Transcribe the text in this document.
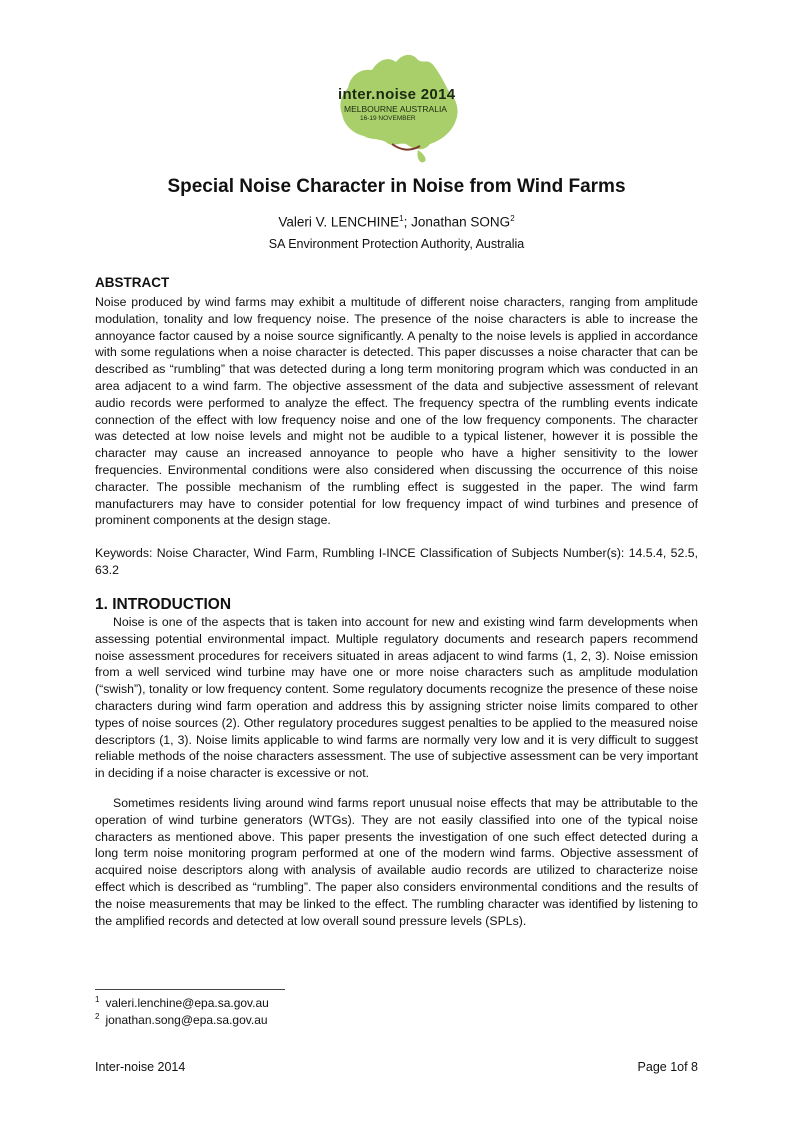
inter.noise 2014
MELBOURNE AUSTRALIA
16-19 NOVEMBER
Special Noise Character in Noise from Wind Farms
Valeri V. LENCHINE$^1$; Jonathan SONG$^2$
SA Environment Protection Authority, Australia
ABSTRACT

Noise produced by wind farms may exhibit a multitude of different noise characters, ranging from amplitude modulation, tonality and low frequency noise. The presence of the noise characters is able to increase the annoyance factor caused by a noise source significantly. A penalty to the noise levels is applied in accordance with some regulations when a noise character is detected. This paper discusses a noise character that can be described as “rumbling” that was detected during a long term monitoring program which was conducted in an area adjacent to a wind farm. The objective assessment of the data and subjective assessment of relevant audio records were performed to analyze the effect. The frequency spectra of the rumbling events indicate connection of the effect with low frequency noise and one of the low frequency components. The character was detected at low noise levels and might not be audible to a typical listener, however it is possible the character may cause an increased annoyance to people who have a higher sensitivity to the lower frequencies. Environmental conditions were also considered when discussing the occurrence of this noise character. The possible mechanism of the rumbling effect is suggested in the paper. The wind farm manufacturers may have to consider potential for low frequency impact of wind turbines and presence of prominent components at the design stage.

Keywords: Noise Character, Wind Farm, Rumbling I-INCE Classification of Subjects Number(s): 14.5.4, 52.5, 63.2

1. INTRODUCTION

Noise is one of the aspects that is taken into account for new and existing wind farm developments when assessing potential environmental impact. Multiple regulatory documents and research papers recommend noise assessment procedures for receivers situated in areas adjacent to wind farms (1, 2, 3). Noise emission from a well serviced wind turbine may have one or more noise characters such as amplitude modulation (“swish”), tonality or low frequency content. Some regulatory documents recognize the presence of these noise characters during wind farm operation and address this by assigning stricter noise limits compared to other types of noise sources (2). Other regulatory procedures suggest penalties to be applied to the measured noise descriptors (1, 3). Noise limits applicable to wind farms are normally very low and it is very difficult to suggest reliable methods of the noise characters assessment. The use of subjective assessment can be very important in deciding if a noise character is excessive or not.

Sometimes residents living around wind farms report unusual noise effects that may be attributable to the operation of wind turbine generators (WTGs). They are not easily classified into one of the typical noise characters as mentioned above. This paper presents the investigation of one such effect detected during a long term noise monitoring program performed at one of the modern wind farms. Objective assessment of acquired noise descriptors along with analysis of available audio records are utilized to characterize noise effect which is described as “rumbling”. The paper also considers environmental conditions and the results of the noise measurements that may be linked to the effect. The rumbling character was identified by listening to the amplified records and detected at low overall sound pressure levels (SPLs).

$^1$ valeri.lenchine@epa.sa.gov.au
$^2$ jonathan.song@epa.sa.gov.au
Inter-noise 2014	Page 1of 8
